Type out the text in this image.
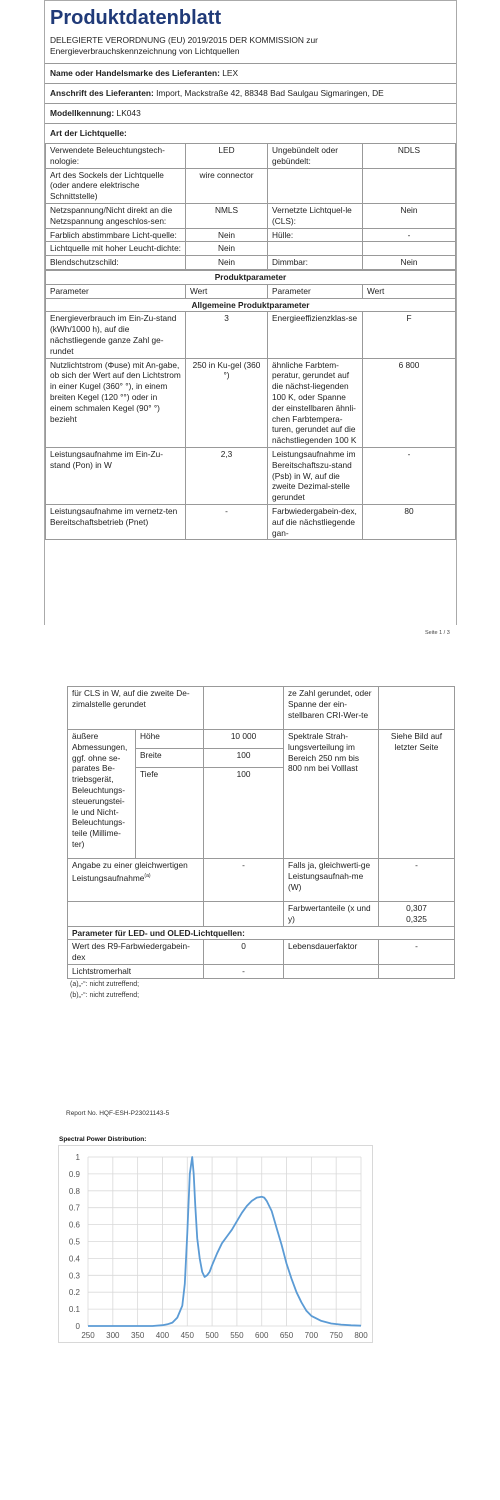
Produktdatenblatt
DELEGIERTE VERORDNUNG (EU) 2019/2015 DER KOMMISSION zur
Energieverbrauchskennzeichnung von Lichtquellen
Name oder Handelsmarke des Lieferanten: LEX
Anschrift des Lieferanten: Import, Mackstraße 42, 88348 Bad Saulgau Sigmaringen, DE
Modellkennung: LK043
Art der Lichtquelle:
Verwendete Beleuchtungstech-nologie:	LED	Ungebündelt oder gebündelt:	NDLS
Art des Sockels der Lichtquelle (oder andere elektrische Schnittstelle)	wire connector		
Netzspannung/Nicht direkt an die Netzspannung angeschlos-sen:	NMLS	Vernetzte Lichtquel-le (CLS):	Nein
Farblich abstimmbare Licht-quelle:	Nein	Hülle:	-
Lichtquelle mit hoher Leucht-dichte:	Nein		
Blendschutzschild:	Nein	Dimmbar:	Nein
Produktparameter			
Parameter	Wert	Parameter	Wert
Allgemeine Produktparameter			
Energieverbrauch im Ein-Zu-stand (kWh/1000 h), auf die nächstliegende ganze Zahl ge-rundet	3	Energieeffizienzklas-se	F
Nutzlichtstrom (Φuse) mit An-gabe, ob sich der Wert auf den Lichtstrom in einer Kugel (360° °), in einem breiten Kegel (120 °°) oder in einem schmalen Kegel (90° °) bezieht	250 in Ku-gel (360 °)	ähnliche Farbtem-peratur, gerundet auf die nächst-liegenden 100 K, oder Spanne der einstellbaren ähnli-chen Farbtempera-turen, gerundet auf die nächstliegenden 100 K	6 800
Leistungsaufnahme im Ein-Zu-stand (Pon) in W	2,3	Leistungsaufnahme im Bereitschaftszu-stand (Psb) in W, auf die zweite Dezimal-stelle gerundet	-
Leistungsaufnahme im vernetz-ten Bereitschaftsbetrieb (Pnet)	-	Farbwiedergabein-dex, auf die nächstliegende gan-	80
Seite 1 / 3
für CLS in W, auf die zweite De-zimalstelle gerundet			ze Zahl gerundet, oder Spanne der ein-stellbaren CRI-Wer-te	
äußere Abmessungen, ggf. ohne se-parates Be-triebsgerät, Beleuchtungs-steuerungstei-le und Nicht-Beleuchtungs-teile (Millime-ter)	Höhe	10 000	Spektrale Strah-lungsverteilung im Bereich 250 nm bis 800 nm bei Volllast	Siehe Bild auf letzter Seite
	Breite	100		
	Tiefe	100		
Angabe zu einer gleichwertigen Leistungsaufnahme$^{(a)}$		-	Falls ja, gleichwerti-ge Leistungsaufnah-me (W)	-
			Farbwertanteile (x und y)	0,307
0,325

Parameter für LED- und OLED-Lichtquellen:				
Wert des R9-Farbwiedergabein-dex		0	Lebensdauerfaktor	-
Lichtstromerhalt		-		
(a)„-“: nicht zutreffend;
(b)„-“: nicht zutreffend;
Report No. HQF-ESH-P23021143-5
Spectral Power Distribution:
0
0.1
0.2
0.3
0.4
0.5
0.6
0.7
0.8
0.9
1
250 300 350 400 450 500 550 600 650 700 750 800
